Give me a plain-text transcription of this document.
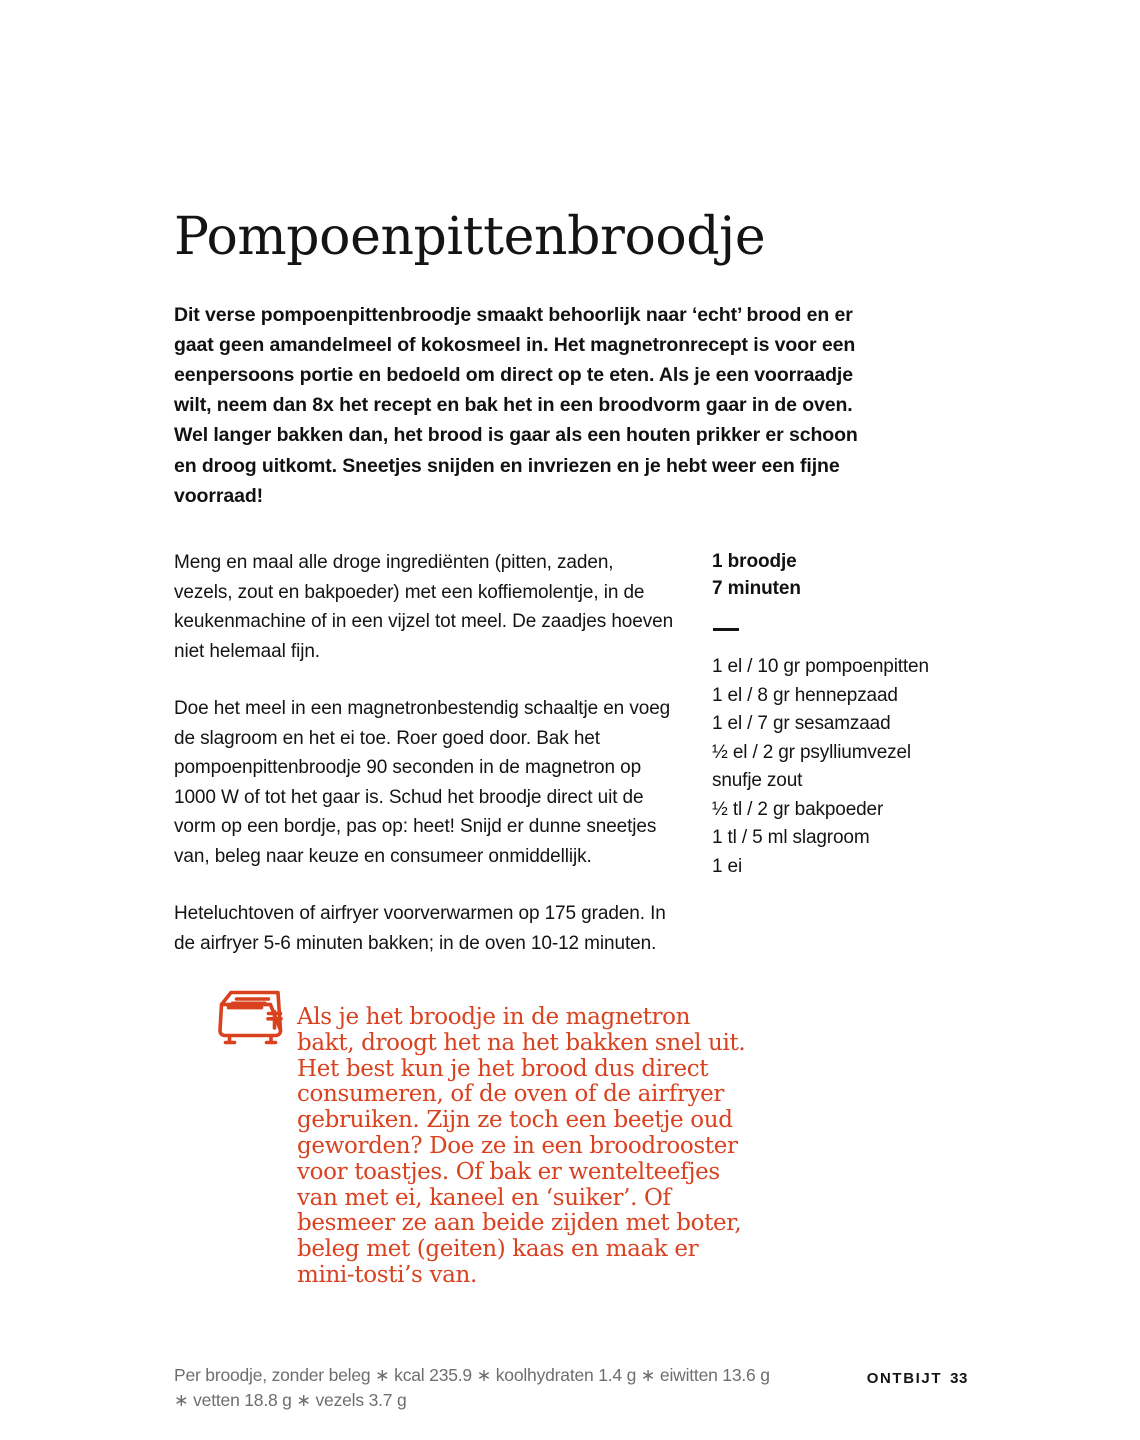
Pompoenpittenbroodje

Dit verse pompoenpittenbroodje smaakt behoorlijk naar ‘echt’ brood en er gaat geen amandelmeel of kokosmeel in. Het magnetronrecept is voor een eenpersoons portie en bedoeld om direct op te eten. Als je een voorraadje wilt, neem dan 8x het recept en bak het in een broodvorm gaar in de oven. Wel langer bakken dan, het brood is gaar als een houten prikker er schoon en droog uitkomt. Sneetjes snijden en invriezen en je hebt weer een fijne voorraad!

Meng en maal alle droge ingrediënten (pitten, zaden, vezels, zout en bakpoeder) met een koffiemolentje, in de keukenmachine of in een vijzel tot meel. De zaadjes hoeven niet helemaal fijn.

Doe het meel in een magnetronbestendig schaaltje en voeg de slagroom en het ei toe. Roer goed door. Bak het pompoenpittenbroodje 90 seconden in de magnetron op 1000 W of tot het gaar is. Schud het broodje direct uit de vorm op een bordje, pas op: heet! Snijd er dunne sneetjes van, beleg naar keuze en consumeer onmiddellijk.

Heteluchtoven of airfryer voorverwarmen op 175 graden. In de airfryer 5-6 minuten bakken; in de oven 10-12 minuten.

1 broodje
7 minuten
1 el / 10 gr pompoenpitten
1 el / 8 gr hennepzaad
1 el / 7 gr sesamzaad
½ el / 2 gr psylliumvezel
snufje zout
½ tl / 2 gr bakpoeder
1 tl / 5 ml slagroom
1 ei

Als je het broodje in de magnetron bakt, droogt het na het bakken snel uit. Het best kun je het brood dus direct consumeren, of de oven of de airfryer gebruiken. Zijn ze toch een beetje oud geworden? Doe ze in een broodrooster voor toastjes. Of bak er wentelteefjes van met ei, kaneel en ‘suiker’. Of besmeer ze aan beide zijden met boter, beleg met (geiten) kaas en maak er mini-tosti’s van.

Per broodje, zonder beleg ∗ kcal 235.9 ∗ koolhydraten 1.4 g ∗ eiwitten 13.6 g ∗ vetten 18.8 g ∗ vezels 3.7 g

ONTBIJT 33
